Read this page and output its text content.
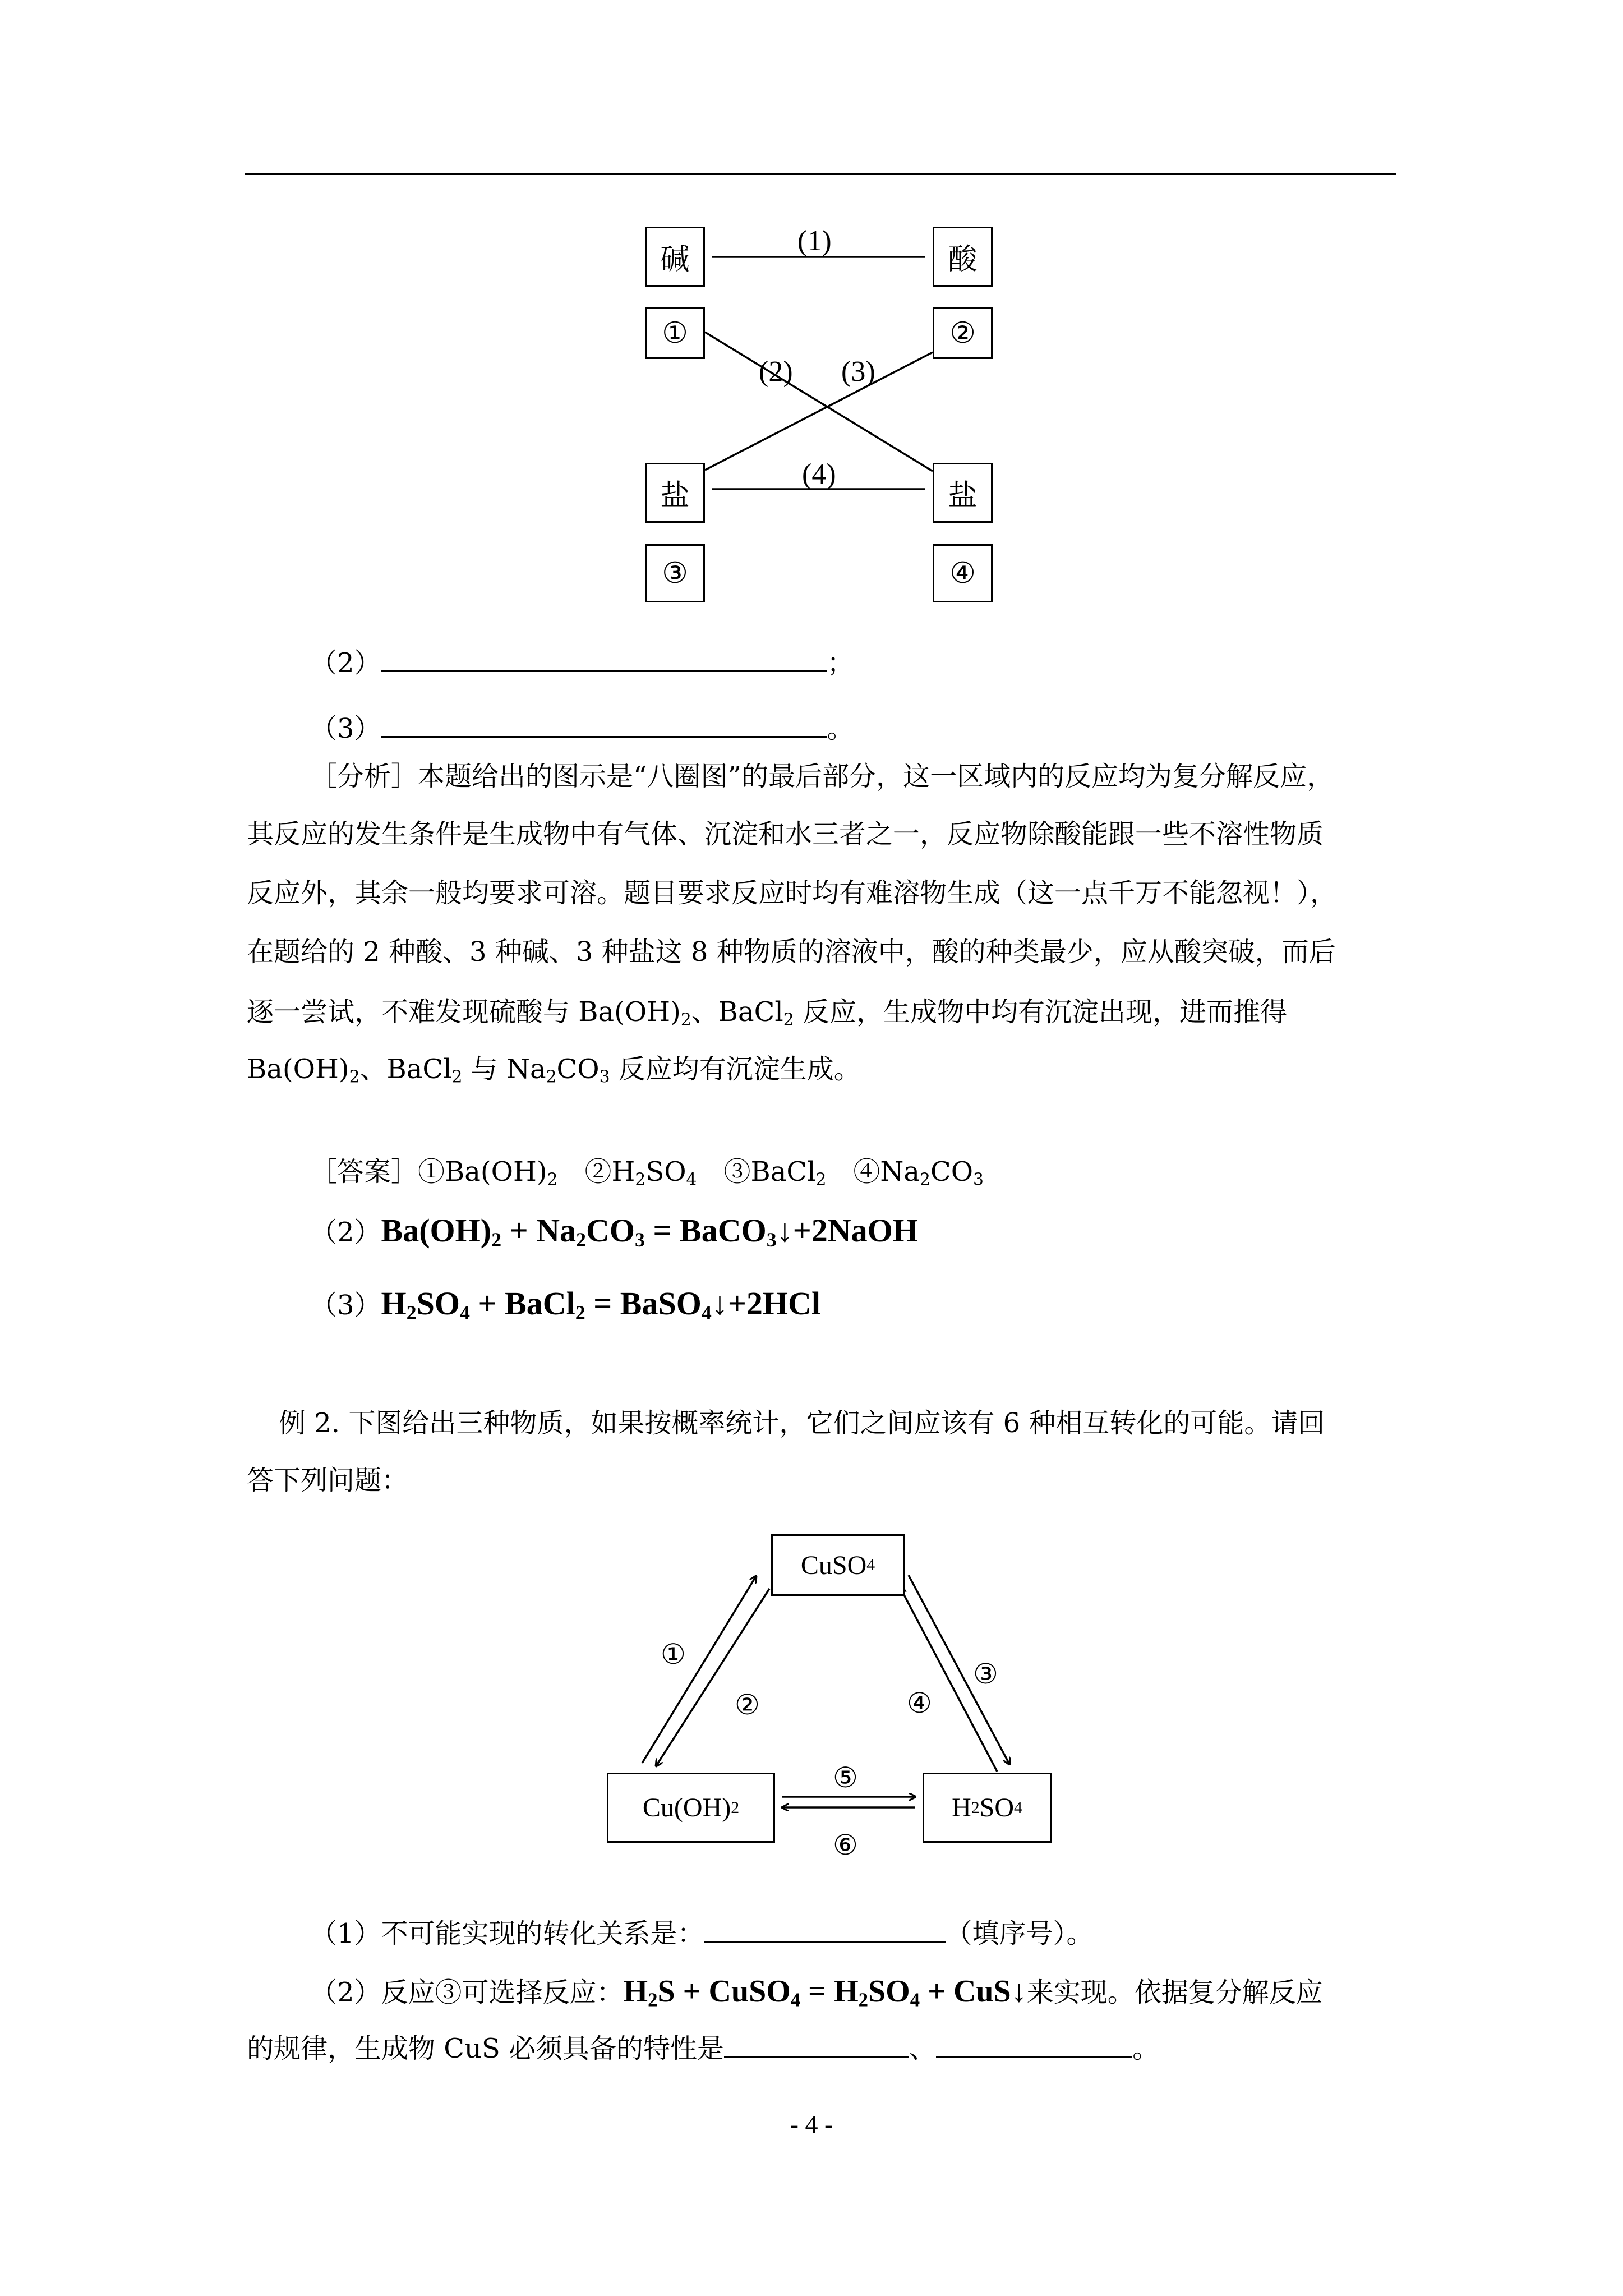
碱	酸
①	②
盐	盐
③	④
(1)
(2) (3)
(4)
（2）	；
（3）	。
［分析］本题给出的图示是“八圈图”的最后部分，这一区域内的反应均为复分解反应，
其反应的发生条件是生成物中有气体、沉淀和水三者之一，反应物除酸能跟一些不溶性物质
反应外，其余一般均要求可溶。题目要求反应时均有难溶物生成（这一点千万不能忽视！），
在题给的 2 种酸、3 种碱、3 种盐这 8 种物质的溶液中，酸的种类最少，应从酸突破，而后
逐一尝试，不难发现硫酸与 $Ba(OH)_2$、BaCl$_2$ 反应，生成物中均有沉淀出现，进而推得
$Ba(OH)_2$、BaCl$_2$ 与 $Na_2CO_3$ 反应均有沉淀生成。
［答案$]①Ba(OH)_2$　$②H_2SO_4$　③BaCl$_2$　$④Na_2CO_3$
$(2)Ba(OH)_2 + Na_2CO_3$ = BaCO$_3$↓+2NaOH
$(3)H_2SO_4$ + BaCl$_2$ = BaSO$_4$↓+2HCl
例 2. 下图给出三种物质，如果按概率统计，它们之间应该有 6 种相互转化的可能。请回
答下列问题：
CuSO 4
Cu(OH) 2	H 2 SO 4
①
②
③
④
⑤
⑥
（1）不可能实现的转化关系是：	（填序号）。
（2）反应③可选择反应：$H_2S$ + CuSO$_4$ = $H_2SO_4$ + CuS↓来实现。依据复分解反应
的规律，生成物 CuS 必须具备的特性是	、	。
- 4 -
